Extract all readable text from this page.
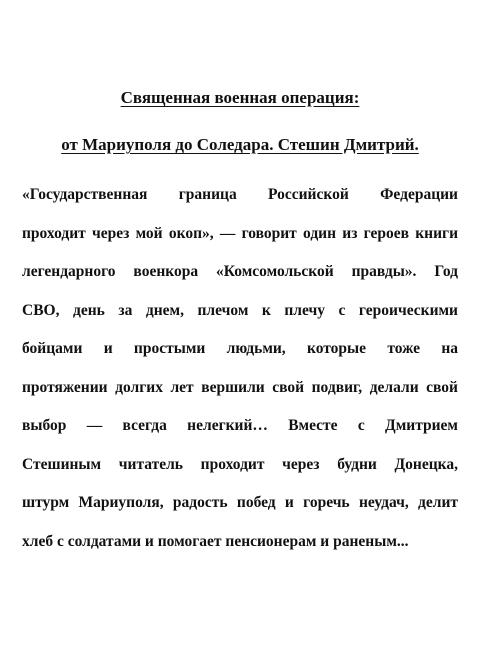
Священная военная операция:
от Мариуполя до Соледара. Стешин Дмитрий.
«Государственная граница Российской Федерации
проходит через мой окоп», — говорит один из героев книги
легендарного военкора «Комсомольской правды». Год
СВО, день за днем, плечом к плечу с героическими
бойцами и простыми людьми, которые тоже на
протяжении долгих лет вершили свой подвиг, делали свой
выбор — всегда нелегкий… Вместе с Дмитрием
Стешиным читатель проходит через будни Донецка,
штурм Мариуполя, радость побед и горечь неудач, делит
хлеб с солдатами и помогает пенсионерам и раненым...
